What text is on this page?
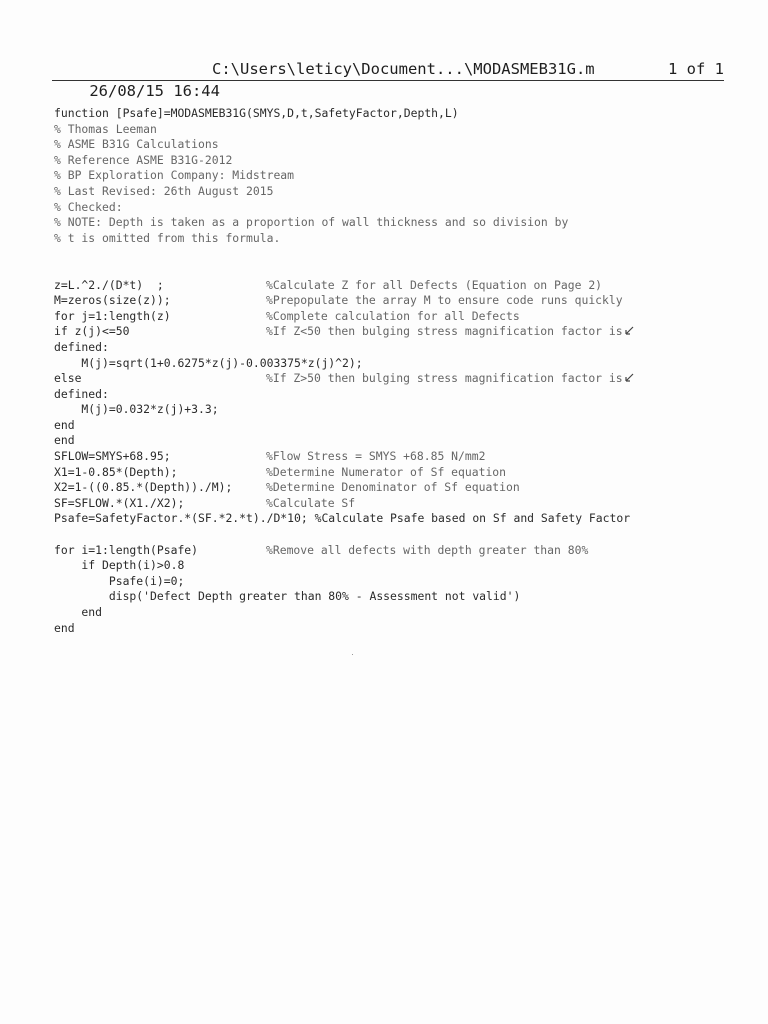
26/08/15 16:44

C:\Users\leticy\Document...\MODASMEB31G.m

	1 of 1

function [Psafe]=MODASMEB31G(SMYS,D,t,SafetyFactor,Depth,L)
% Thomas Leeman
% ASME B31G Calculations
% Reference ASME B31G-2012
% BP Exploration Company: Midstream
% Last Revised: 26th August 2015
% Checked:
% NOTE: Depth is taken as a proportion of wall thickness and so division by
% t is omitted from this formula.

z=L.^2./(D*t)  ;

	%Calculate Z for all Defects (Equation on Page 2)

M=zeros(size(z));

	%Prepopulate the array M to ensure code runs quickly

for j=1:length(z)

	%Complete calculation for all Defects

if z(j)<=50

	%If Z<50 then bulging stress magnification factor is

defined:
M(j)=sqrt(1+0.6275*z(j)-0.003375*z(j)^2);

else

	%If Z>50 then bulging stress magnification factor is

defined:
M(j)=0.032*z(j)+3.3;
end
end

SFLOW=SMYS+68.95;

	%Flow Stress = SMYS +68.85 N/mm2

X1=1-0.85*(Depth);

	%Determine Numerator of Sf equation

X2=1-((0.85.*(Depth))./M);

	%Determine Denominator of Sf equation

SF=SFLOW.*(X1./X2);

	%Calculate Sf

Psafe=SafetyFactor.*(SF.*2.*t)./D*10; %Calculate Psafe based on Sf and Safety Factor

for i=1:length(Psafe)

	%Remove all defects with depth greater than 80%

if Depth(i)>0.8
Psafe(i)=0;
disp('Defect Depth greater than 80% - Assessment not valid')
end
end
